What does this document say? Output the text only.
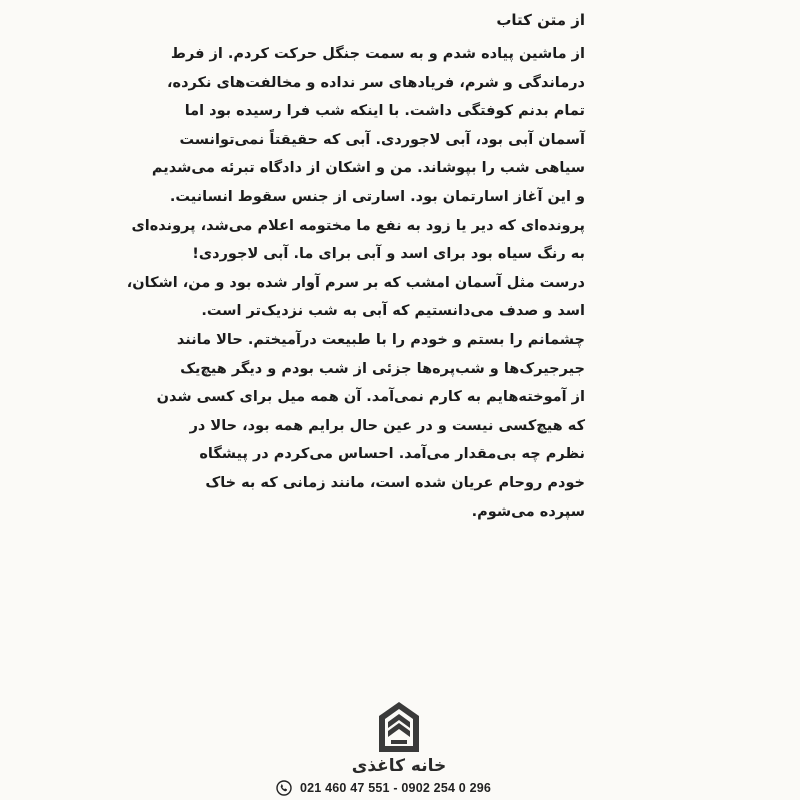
از متن کتاب

از ماشین پیاده شدم و به سمت جنگل حرکت کردم. از فرط
درماندگی و شرم، فریادهای سر نداده و مخالفت‌های نکرده،
تمام بدنم کوفتگی داشت. با اینکه شب فرا رسیده بود اما
آسمان آبی بود، آبی لاجوردی. آبی که حقیقتاً نمی‌توانست
سیاهی شب را بپوشاند. من و اشکان از دادگاه تبرئه می‌شدیم
و این آغاز اسارتمان بود. اسارتی از جنس سقوط انسانیت.
پرونده‌ای که دیر یا زود به نفع ما مختومه اعلام می‌شد، پرونده‌ای
به رنگ سیاه بود برای اسد و آبی برای ما. آبی لاجوردی!
درست مثل آسمان امشب که بر سرم آوار شده بود و من، اشکان،
اسد و صدف می‌دانستیم که آبی به شب نزدیک‌تر است.
چشمانم را بستم و خودم را با طبیعت درآمیختم. حالا مانند
جیرجیرک‌ها و شب‌پره‌ها جزئی از شب بودم و دیگر هیچ‌یک
از آموخته‌هایم به کارم نمی‌آمد. آن همه میل برای کسی شدن
که هیچ‌کسی نیست و در عین حال برایم همه بود، حالا در
نظرم چه بی‌مقدار می‌آمد. احساس می‌کردم در پیشگاه
خودم روحام عریان شده است، مانند زمانی که به خاک
سپرده می‌شوم.

خانه کاغذی
021 460 47 551 - 0902 254 0 296
